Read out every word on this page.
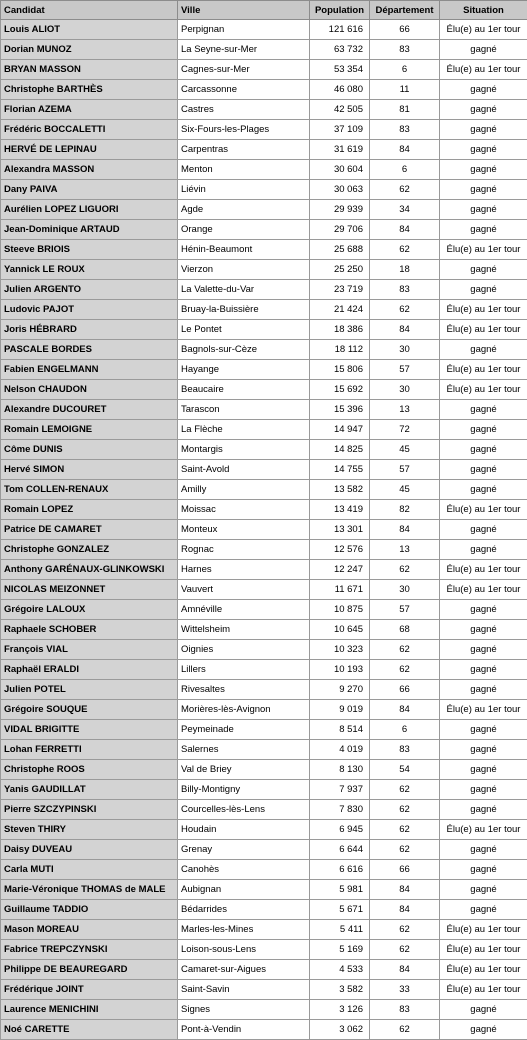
Candidat	Ville	Population	Département	Situation
Louis ALIOT	Perpignan	121 616	66	Élu(e) au 1er tour
Dorian MUNOZ	La Seyne-sur-Mer	63 732	83	gagné
BRYAN MASSON	Cagnes-sur-Mer	53 354	6	Élu(e) au 1er tour
Christophe BARTHÈS	Carcassonne	46 080	11	gagné
Florian AZEMA	Castres	42 505	81	gagné
Frédéric BOCCALETTI	Six-Fours-les-Plages	37 109	83	gagné
HERVÉ DE LEPINAU	Carpentras	31 619	84	gagné
Alexandra MASSON	Menton	30 604	6	gagné
Dany PAIVA	Liévin	30 063	62	gagné
Aurélien LOPEZ LIGUORI	Agde	29 939	34	gagné
Jean-Dominique ARTAUD	Orange	29 706	84	gagné
Steeve BRIOIS	Hénin-Beaumont	25 688	62	Élu(e) au 1er tour
Yannick LE ROUX	Vierzon	25 250	18	gagné
Julien ARGENTO	La Valette-du-Var	23 719	83	gagné
Ludovic PAJOT	Bruay-la-Buissière	21 424	62	Élu(e) au 1er tour
Joris HÉBRARD	Le Pontet	18 386	84	Élu(e) au 1er tour
PASCALE BORDES	Bagnols-sur-Cèze	18 112	30	gagné
Fabien ENGELMANN	Hayange	15 806	57	Élu(e) au 1er tour
Nelson CHAUDON	Beaucaire	15 692	30	Élu(e) au 1er tour
Alexandre DUCOURET	Tarascon	15 396	13	gagné
Romain LEMOIGNE	La Flèche	14 947	72	gagné
Côme DUNIS	Montargis	14 825	45	gagné
Hervé SIMON	Saint-Avold	14 755	57	gagné
Tom COLLEN-RENAUX	Amilly	13 582	45	gagné
Romain LOPEZ	Moissac	13 419	82	Élu(e) au 1er tour
Patrice DE CAMARET	Monteux	13 301	84	gagné
Christophe GONZALEZ	Rognac	12 576	13	gagné
Anthony GARÉNAUX-GLINKOWSKI	Harnes	12 247	62	Élu(e) au 1er tour
NICOLAS MEIZONNET	Vauvert	11 671	30	Élu(e) au 1er tour
Grégoire LALOUX	Amnéville	10 875	57	gagné
Raphaele SCHOBER	Wittelsheim	10 645	68	gagné
François VIAL	Oignies	10 323	62	gagné
Raphaël ERALDI	Lillers	10 193	62	gagné
Julien POTEL	Rivesaltes	9 270	66	gagné
Grégoire SOUQUE	Morières-lès-Avignon	9 019	84	Élu(e) au 1er tour
VIDAL BRIGITTE	Peymeinade	8 514	6	gagné
Lohan FERRETTI	Salernes	4 019	83	gagné
Christophe ROOS	Val de Briey	8 130	54	gagné
Yanis GAUDILLAT	Billy-Montigny	7 937	62	gagné
Pierre SZCZYPINSKI	Courcelles-lès-Lens	7 830	62	gagné
Steven THIRY	Houdain	6 945	62	Élu(e) au 1er tour
Daisy DUVEAU	Grenay	6 644	62	gagné
Carla MUTI	Canohès	6 616	66	gagné
Marie-Véronique THOMAS de MALE	Aubignan	5 981	84	gagné
Guillaume TADDIO	Bédarrides	5 671	84	gagné
Mason MOREAU	Marles-les-Mines	5 411	62	Élu(e) au 1er tour
Fabrice TREPCZYNSKI	Loison-sous-Lens	5 169	62	Élu(e) au 1er tour
Philippe DE BEAUREGARD	Camaret-sur-Aigues	4 533	84	Élu(e) au 1er tour
Frédérique JOINT	Saint-Savin	3 582	33	Élu(e) au 1er tour
Laurence MENICHINI	Signes	3 126	83	gagné
Noé CARETTE	Pont-à-Vendin	3 062	62	gagné
